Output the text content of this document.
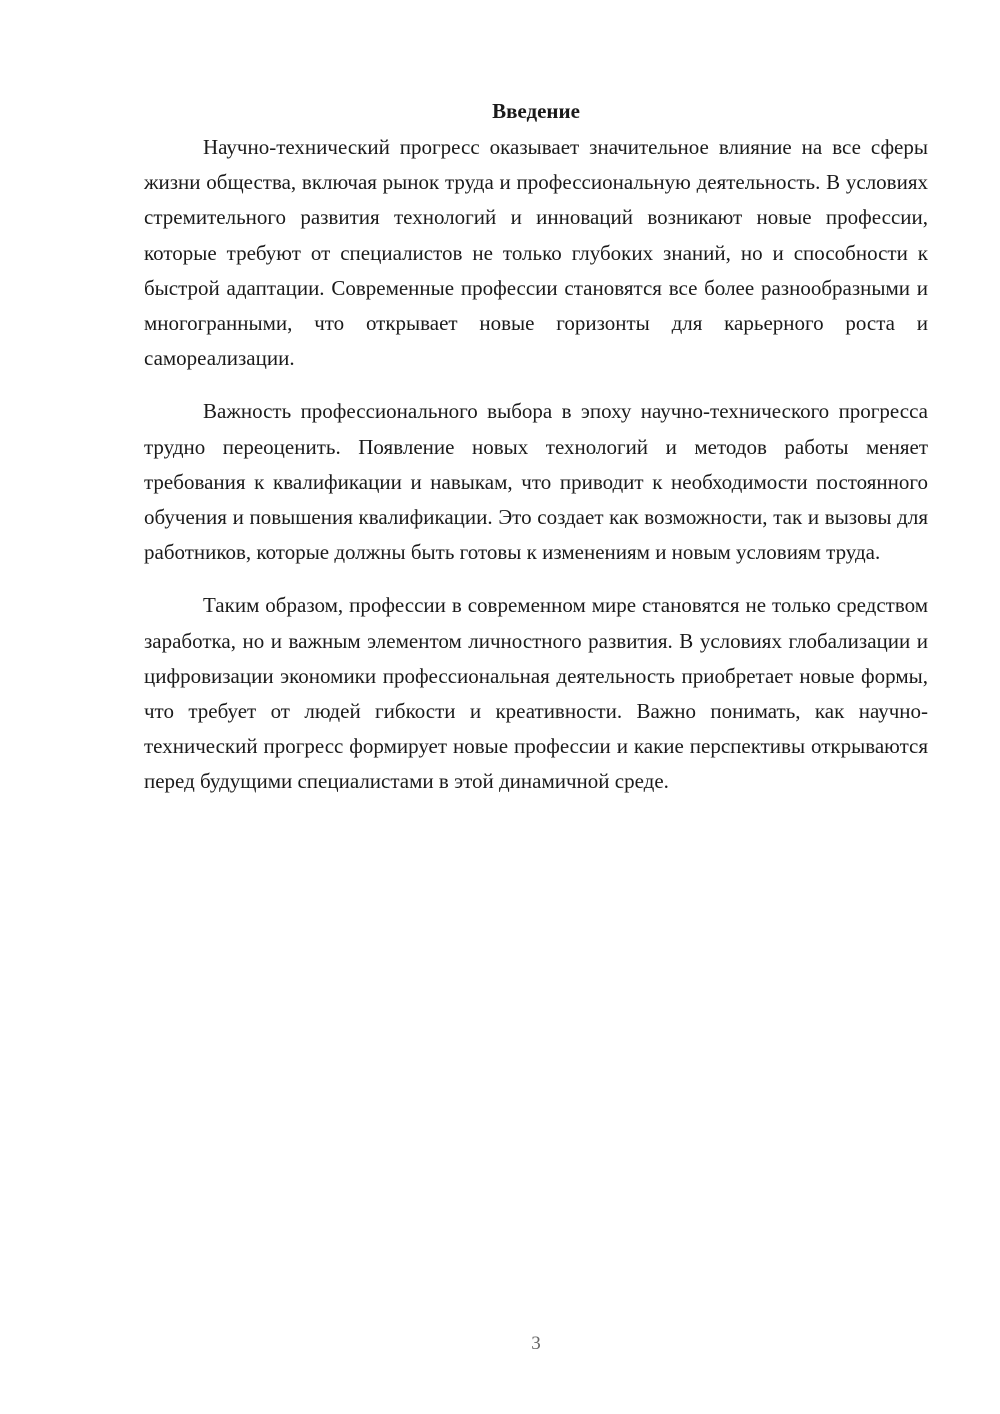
Введение

Научно-технический прогресс оказывает значительное влияние на все сферы жизни общества, включая рынок труда и профессиональную деятельность. В условиях стремительного развития технологий и инноваций возникают новые профессии, которые требуют от специалистов не только глубоких знаний, но и способности к быстрой адаптации. Современные профессии становятся все более разнообразными и многогранными, что открывает новые горизонты для карьерного роста и самореализации.

Важность профессионального выбора в эпоху научно-технического прогресса трудно переоценить. Появление новых технологий и методов работы меняет требования к квалификации и навыкам, что приводит к необходимости постоянного обучения и повышения квалификации. Это создает как возможности, так и вызовы для работников, которые должны быть готовы к изменениям и новым условиям труда.

Таким образом, профессии в современном мире становятся не только средством заработка, но и важным элементом личностного развития. В условиях глобализации и цифровизации экономики профессиональная деятельность приобретает новые формы, что требует от людей гибкости и креативности. Важно понимать, как научно-технический прогресс формирует новые профессии и какие перспективы открываются перед будущими специалистами в этой динамичной среде.

3
